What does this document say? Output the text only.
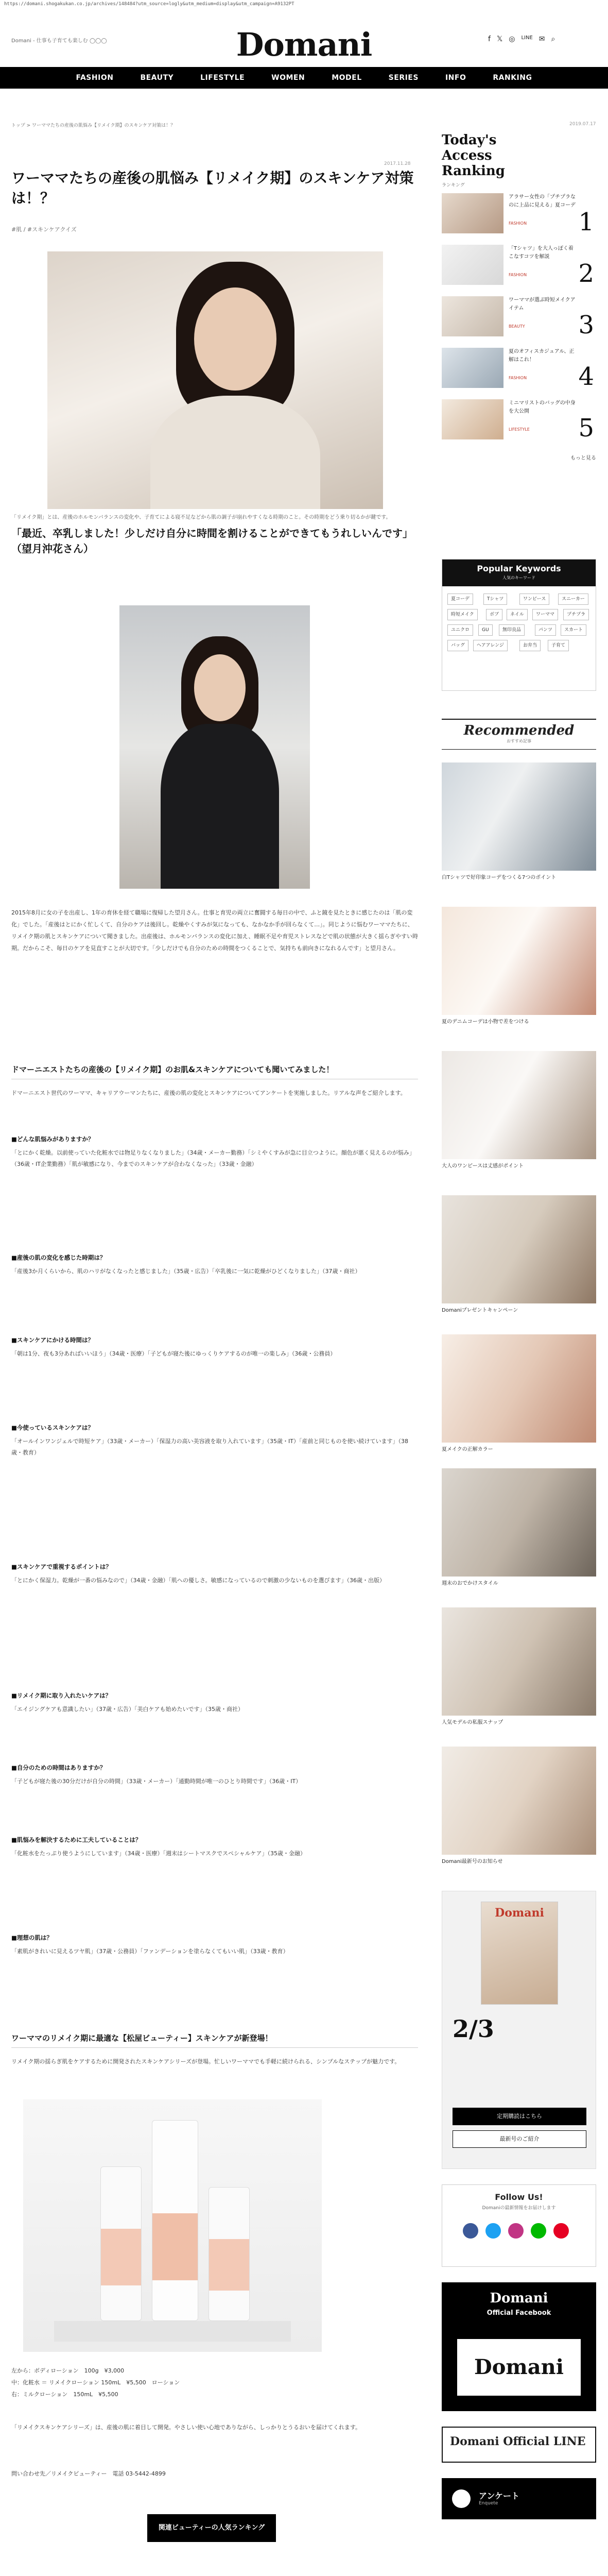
https://domani.shogakukan.co.jp/archives/148484?utm_source=logly&utm_medium=display&utm_campaign=A9132PT
Domani - 仕事も子育ても楽しむ ◯◯◯	Domani	f 𝕏 ◎ LINE ✉ ⌕
FASHION	BEAUTY	LIFESTYLE	WOMEN	MODEL	SERIES	INFO	RANKING
トップ > ワーママたちの産後の肌悩み【リメイク期】のスキンケア対策は！？
2017.11.28
ワーママたちの産後の肌悩み【リメイク期】のスキンケア対策は！？
#肌 / #スキンケアクイズ
「リメイク期」とは、産後のホルモンバランスの変化や、子育てによる寝不足などから肌の調子が崩れやすくなる時期のこと。その時期をどう乗り切るかが鍵です。
「最近、卒乳しました！少しだけ自分に時間を割けることができてもうれしいんです」（望月沖花さん）
2015年8月に女の子を出産し、1年の育休を経て職場に復帰した望月さん。仕事と育児の両立に奮闘する毎日の中で、ふと鏡を見たときに感じたのは「肌の変化」でした。「産後はとにかく忙しくて、自分のケアは後回し。乾燥やくすみが気になっても、なかなか手が回らなくて…」。同じように悩むワーママたちに、リメイク期の肌とスキンケアについて聞きました。出産後は、ホルモンバランスの変化に加え、睡眠不足や育児ストレスなどで肌の状態が大きく揺らぎやすい時期。だからこそ、毎日のケアを見直すことが大切です。「少しだけでも自分のための時間をつくることで、気持ちも前向きになれるんです」と望月さん。
ドマーニエストたちの産後の【リメイク期】のお肌&スキンケアについても聞いてみました！
ドマーニエスト世代のワーママ、キャリアウーマンたちに、産後の肌の変化とスキンケアについてアンケートを実施しました。リアルな声をご紹介します。
■どんな肌悩みがありますか？
「とにかく乾燥。以前使っていた化粧水では物足りなくなりました」（34歳・メーカー勤務）「シミやくすみが急に目立つように。顔色が悪く見えるのが悩み」（36歳・IT企業勤務）「肌が敏感になり、今までのスキンケアが合わなくなった」（33歳・金融）
■産後の肌の変化を感じた時期は？
「産後3か月くらいから、肌のハリがなくなったと感じました」（35歳・広告）「卒乳後に一気に乾燥がひどくなりました」（37歳・商社）
■スキンケアにかける時間は？
「朝は1分、夜も3分あればいいほう」（34歳・医療）「子どもが寝た後にゆっくりケアするのが唯一の楽しみ」（36歳・公務員）
■今使っているスキンケアは？
「オールインワンジェルで時短ケア」（33歳・メーカー）「保湿力の高い美容液を取り入れています」（35歳・IT）「産前と同じものを使い続けています」（38歳・教育）
■スキンケアで重視するポイントは？
「とにかく保湿力。乾燥が一番の悩みなので」（34歳・金融）「肌への優しさ。敏感になっているので刺激の少ないものを選びます」（36歳・出版）
■リメイク期に取り入れたいケアは？
「エイジングケアも意識したい」（37歳・広告）「美白ケアも始めたいです」（35歳・商社）
■自分のための時間はありますか？
「子どもが寝た後の30分だけが自分の時間」（33歳・メーカー）「通勤時間が唯一のひとり時間です」（36歳・IT）
■肌悩みを解決するために工夫していることは？
「化粧水をたっぷり使うようにしています」（34歳・医療）「週末はシートマスクでスペシャルケア」（35歳・金融）
■理想の肌は？
「素肌がきれいに見えるツヤ肌」（37歳・公務員）「ファンデーションを塗らなくてもいい肌」（33歳・教育）
ワーママのリメイク期に最適な【松屋ビューティー】スキンケアが新登場！
リメイク期の揺らぎ肌をケアするために開発されたスキンケアシリーズが登場。忙しいワーママでも手軽に続けられる、シンプルなステップが魅力です。
左から：ボディローション　100g　¥3,000
中：化粧水 ＝ リメイクローション 150mL　¥5,500　ローション
右：ミルクローション　150mL　¥5,500
「リメイクスキンケアシリーズ」は、産後の肌に着目して開発。やさしい使い心地でありながら、しっかりとうるおいを届けてくれます。
問い合わせ先／リメイクビューティー　電話 03-5442-4899
関連ビューティーの人気ランキング
2019.07.17
Today's Access Ranking
ランキング
アラサー女性の「プチプラなのに上品に見える」夏コーデ
FASHION 1
「Tシャツ」を大人っぽく着こなすコツを解説
FASHION 2
ワーママが選ぶ時短メイクアイテム
BEAUTY 3
夏のオフィスカジュアル、正解はこれ！
FASHION 4
ミニマリストのバッグの中身を大公開
LIFESTYLE 5
もっと見る
Popular Keywords
人気のキーワード
夏コーデ	Tシャツ	ワンピース	スニーカー
時短メイク	ボブ	ネイル	ワーママ	プチプラ
ユニクロ	GU	無印良品	パンツ	スカート
バッグ	ヘアアレンジ	お弁当	子育て
Recommended
おすすめ記事
白Tシャツで好印象コーデをつくる7つのポイント
夏のデニムコーデは小物で差をつける
大人のワンピースは丈感がポイント
Domaniプレゼントキャンペーン
夏メイクの正解カラー
週末のおでかけスタイル
人気モデルの私服スナップ
Domani最新号のお知らせ
Domani
2/3
定期購読はこちら
最新号のご紹介
Follow Us!
Domaniの最新情報をお届けします
Domani
Official Facebook
Domani
Domani Official LINE
アンケート
Enquete
